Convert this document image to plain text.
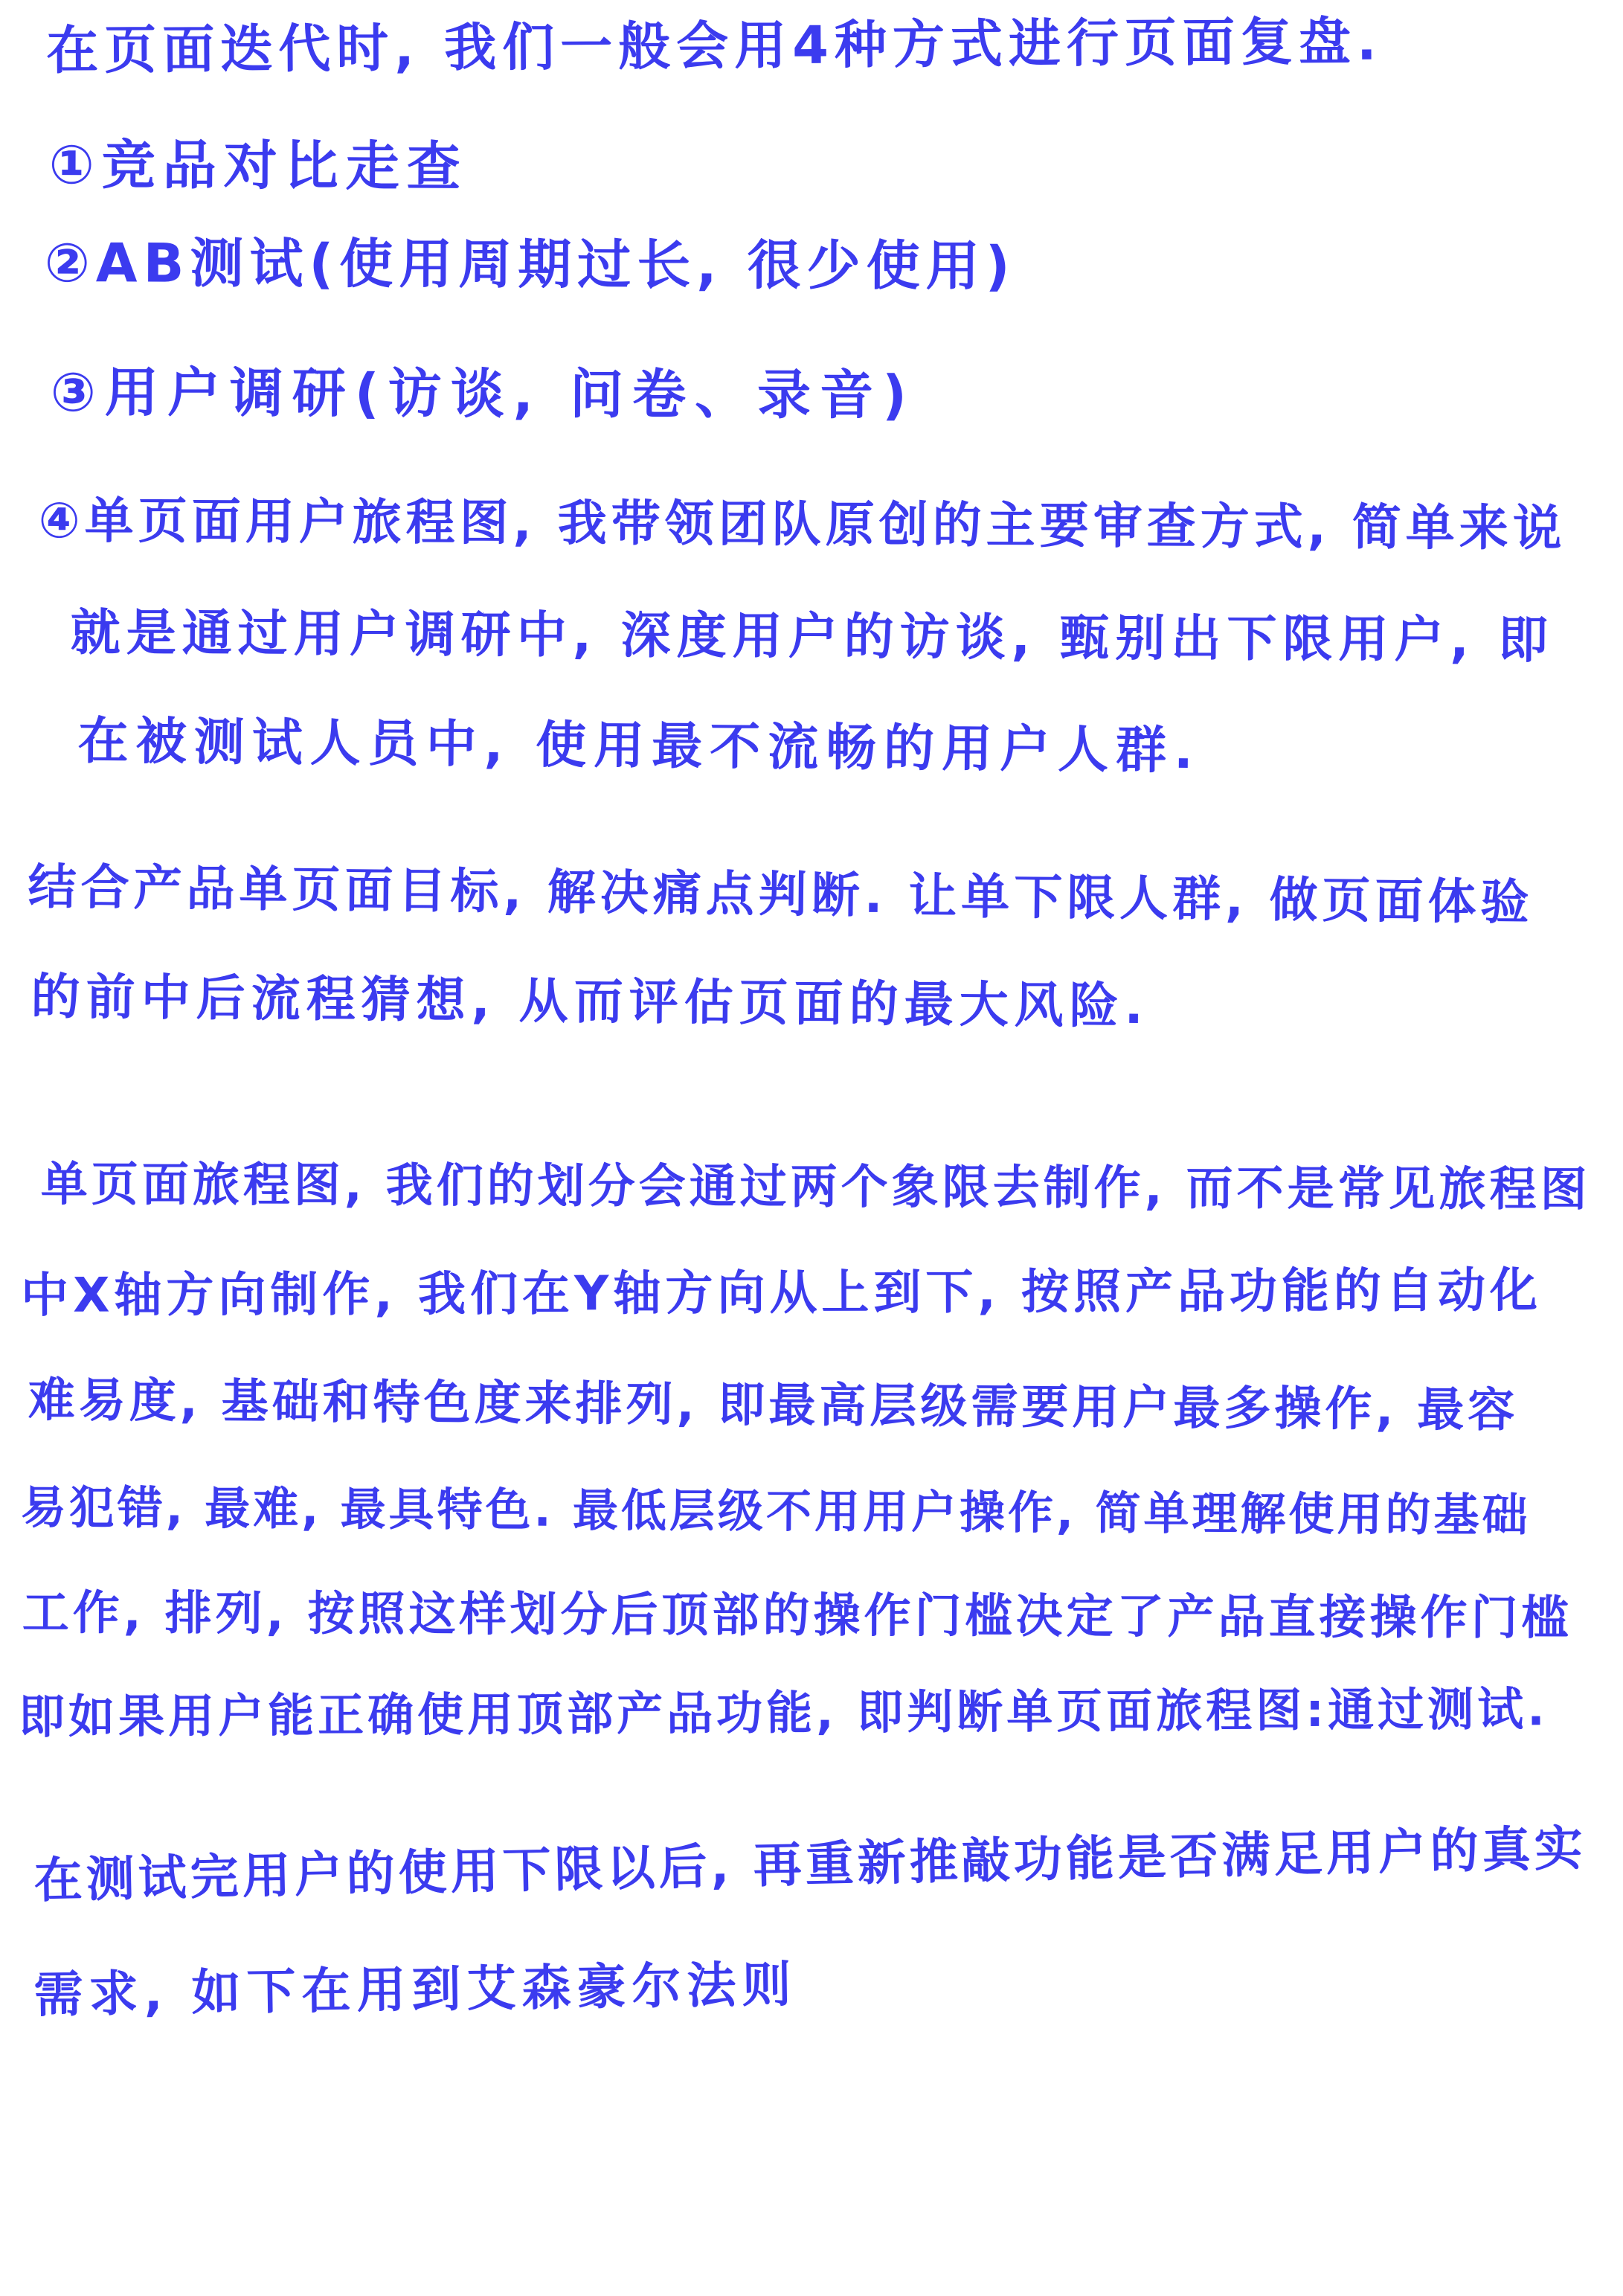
在页面迭代时, 我们一般会用4种方式进行页面复盘.
①竞品对比走查
②AB测试(使用周期过长, 很少使用)
③用户调研(访谈, 问卷、录音)
④单页面用户旅程图, 我带领团队原创的主要审查方式, 简单来说
就是通过用户调研中, 深度用户的访谈, 甄别出下限用户, 即
在被测试人员中, 使用最不流畅的用户人群.
结合产品单页面目标, 解决痛点判断. 让单下限人群, 做页面体验
的前中后流程猜想, 从而评估页面的最大风险.
单页面旅程图, 我们的划分会通过两个象限去制作, 而不是常见旅程图
中X轴方向制作, 我们在Y轴方向从上到下, 按照产品功能的自动化
难易度, 基础和特色度来排列, 即最高层级需要用户最多操作, 最容
易犯错, 最难, 最具特色. 最低层级不用用户操作, 简单理解使用的基础
工作, 排列, 按照这样划分后顶部的操作门槛决定了产品直接操作门槛
即如果用户能正确使用顶部产品功能, 即判断单页面旅程图:通过测试.
在测试完用户的使用下限以后, 再重新推敲功能是否满足用户的真实
需求, 如下在用到艾森豪尔法则
